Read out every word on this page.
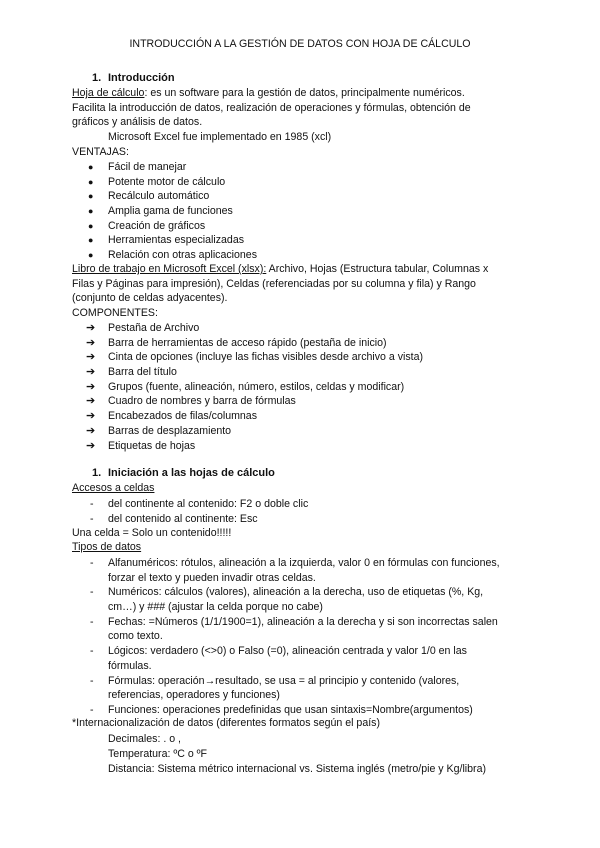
INTRODUCCIÓN A LA GESTIÓN DE DATOS CON HOJA DE CÁLCULO
1. Introducción
Hoja de cálculo: es un software para la gestión de datos, principalmente numéricos.
Facilita la introducción de datos, realización de operaciones y fórmulas, obtención de
gráficos y análisis de datos.
Microsoft Excel fue implementado en 1985 (xcl)
VENTAJAS:
● Fácil de manejar
● Potente motor de cálculo
● Recálculo automático
● Amplia gama de funciones
● Creación de gráficos
● Herramientas especializadas
● Relación con otras aplicaciones
Libro de trabajo en Microsoft Excel (xlsx): Archivo, Hojas (Estructura tabular, Columnas x
Filas y Páginas para impresión), Celdas (referenciadas por su columna y fila) y Rango
(conjunto de celdas adyacentes).
COMPONENTES:
➔ Pestaña de Archivo
➔ Barra de herramientas de acceso rápido (pestaña de inicio)
➔ Cinta de opciones (incluye las fichas visibles desde archivo a vista)
➔ Barra del título
➔ Grupos (fuente, alineación, número, estilos, celdas y modificar)
➔ Cuadro de nombres y barra de fórmulas
➔ Encabezados de filas/columnas
➔ Barras de desplazamiento
➔ Etiquetas de hojas
1. Iniciación a las hojas de cálculo
Accesos a celdas
- del continente al contenido: F2 o doble clic
- del contenido al continente: Esc
Una celda = Solo un contenido!!!!!
Tipos de datos
- Alfanuméricos: rótulos, alineación a la izquierda, valor 0 en fórmulas con funciones,
forzar el texto y pueden invadir otras celdas.
- Numéricos: cálculos (valores), alineación a la derecha, uso de etiquetas (%, Kg,
cm…) y ### (ajustar la celda porque no cabe)
- Fechas: =Números (1/1/1900=1), alineación a la derecha y si son incorrectas salen
como texto.
- Lógicos: verdadero (<>0) o Falso (=0), alineación centrada y valor 1/0 en las
fórmulas.
- Fórmulas: operación→resultado, se usa = al principio y contenido (valores,
referencias, operadores y funciones)
- Funciones: operaciones predefinidas que usan sintaxis=Nombre(argumentos)
*Internacionalización de datos (diferentes formatos según el país)
Decimales: . o ,
Temperatura: ºC o ºF
Distancia: Sistema métrico internacional vs. Sistema inglés (metro/pie y Kg/libra)
